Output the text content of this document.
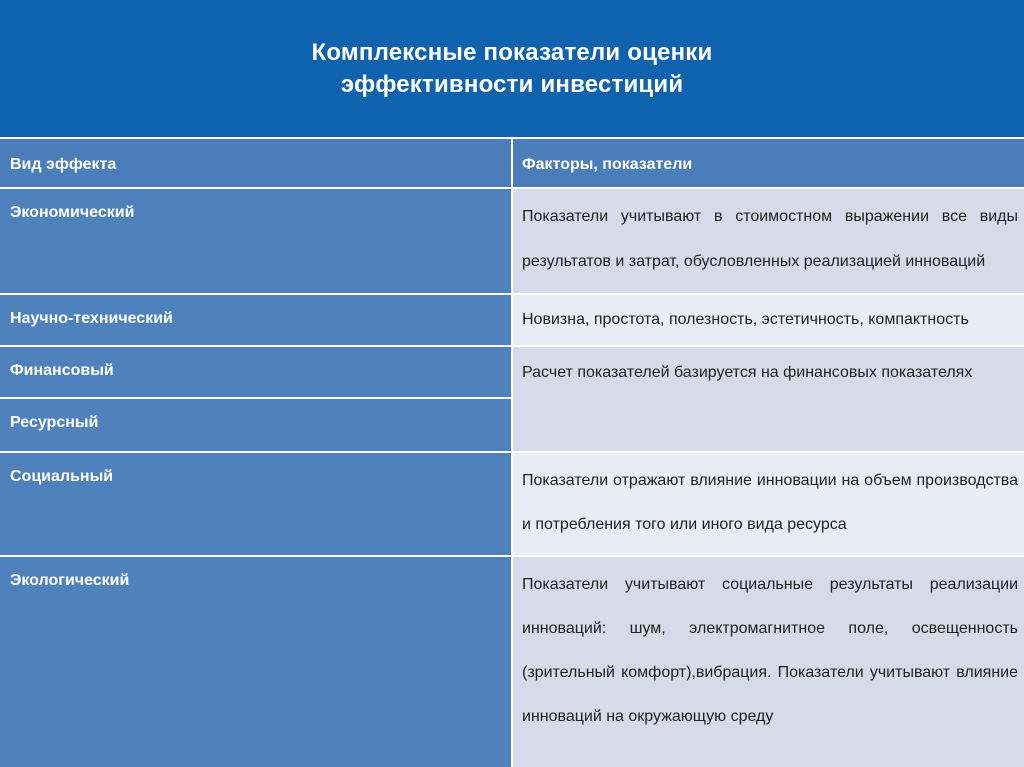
Комплексные показатели оценки
эффективности инвестиций
Вид эффекта	Факторы, показатели
Экономический	Показатели учитывают в стоимостном выражении все виды результатов и затрат, обусловленных реализацией инноваций
Научно-технический	Новизна, простота, полезность, эстетичность, компактность
Финансовый	Расчет показателей базируется на финансовых показателях
Ресурсный
Социальный	Показатели отражают влияние инновации на объем производства и потребления того или иного вида ресурса
Экологический	Показатели учитывают социальные результаты реализации инноваций: шум, электромагнитное поле, освещенность (зрительный комфорт),вибрация. Показатели учитывают влияние инноваций на окружающую среду
